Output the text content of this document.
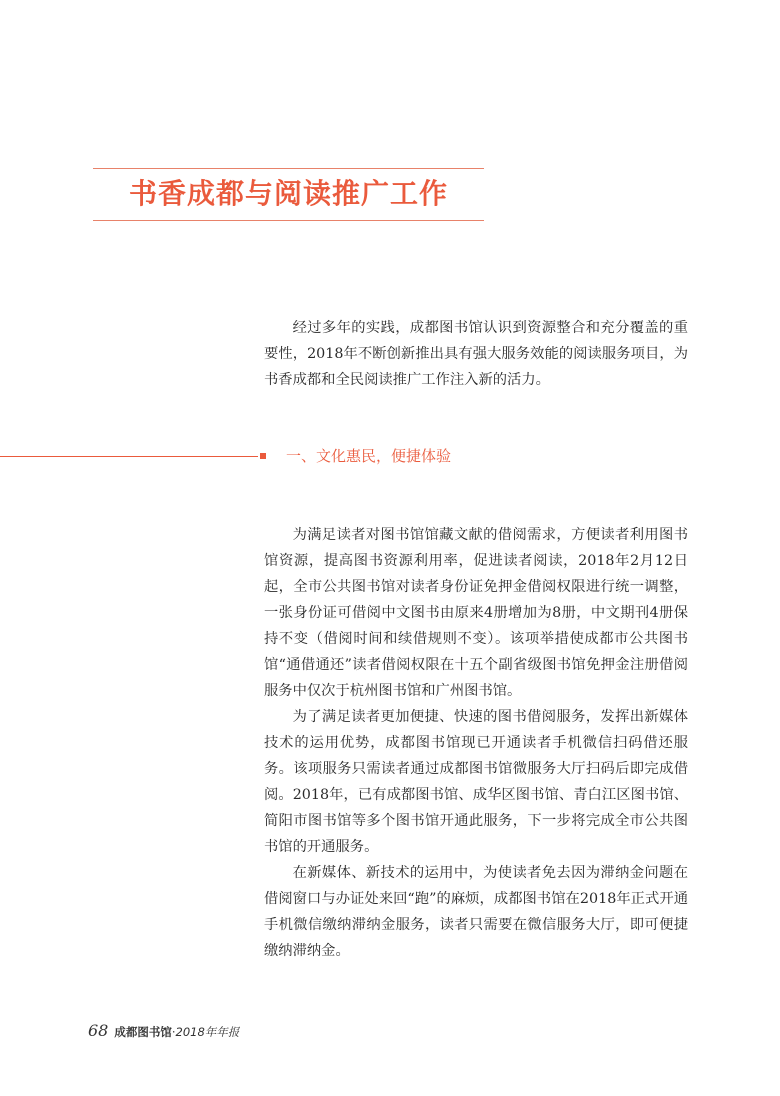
书香成都与阅读推广工作

经过多年的实践，成都图书馆认识到资源整合和充分覆盖的重要性，2018年不断创新推出具有强大服务效能的阅读服务项目，为书香成都和全民阅读推广工作注入新的活力。

一、文化惠民，便捷体验

为满足读者对图书馆馆藏文献的借阅需求，方便读者利用图书馆资源，提高图书资源利用率，促进读者阅读，2018年2月12日起，全市公共图书馆对读者身份证免押金借阅权限进行统一调整，一张身份证可借阅中文图书由原来4册增加为8册，中文期刊4册保持不变（借阅时间和续借规则不变）。该项举措使成都市公共图书馆“通借通还”读者借阅权限在十五个副省级图书馆免押金注册借阅服务中仅次于杭州图书馆和广州图书馆。

为了满足读者更加便捷、快速的图书借阅服务，发挥出新媒体技术的运用优势，成都图书馆现已开通读者手机微信扫码借还服务。该项服务只需读者通过成都图书馆微服务大厅扫码后即完成借阅。2018年，已有成都图书馆、成华区图书馆、青白江区图书馆、简阳市图书馆等多个图书馆开通此服务，下一步将完成全市公共图书馆的开通服务。

在新媒体、新技术的运用中，为使读者免去因为滞纳金问题在借阅窗口与办证处来回“跑”的麻烦，成都图书馆在2018年正式开通手机微信缴纳滞纳金服务，读者只需要在微信服务大厅，即可便捷缴纳滞纳金。

68 成都图书馆·2018年年报
